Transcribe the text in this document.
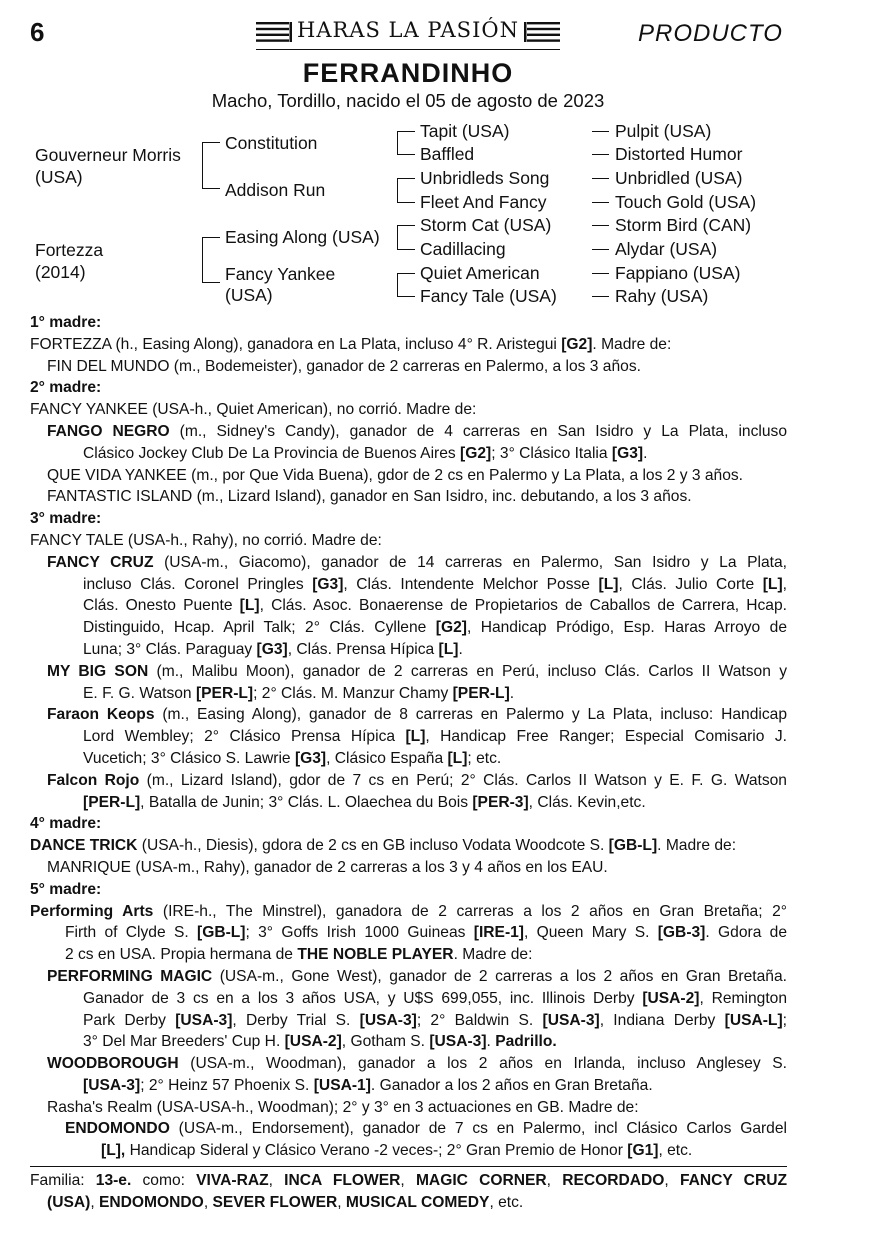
6	HARAS LA PASIÓN	PRODUCTO
FERRANDINHO
Macho, Tordillo, nacido el 05 de agosto de 2023
Gouverneur Morris
(USA)
Fortezza
(2014)
Constitution
Addison Run
Easing Along (USA)
Fancy Yankee
(USA)
Tapit (USA)
Baffled
Unbridleds Song
Fleet And Fancy
Storm Cat (USA)
Cadillacing
Quiet American
Fancy Tale (USA)
Pulpit (USA)
Distorted Humor
Unbridled (USA)
Touch Gold (USA)
Storm Bird (CAN)
Alydar (USA)
Fappiano (USA)
Rahy (USA)
1° madre:
FORTEZZA (h., Easing Along), ganadora en La Plata, incluso 4° R. Aristegui [G2]. Madre de:
FIN DEL MUNDO (m., Bodemeister), ganador de 2 carreras en Palermo, a los 3 años.
2° madre:
FANCY YANKEE (USA-h., Quiet American), no corrió. Madre de:
FANGO NEGRO (m., Sidney's Candy), ganador de 4 carreras en San Isidro y La Plata, incluso
Clásico Jockey Club De La Provincia de Buenos Aires [G2]; 3° Clásico Italia [G3].
QUE VIDA YANKEE (m., por Que Vida Buena), gdor de 2 cs en Palermo y La Plata, a los 2 y 3 años.
FANTASTIC ISLAND (m., Lizard Island), ganador en San Isidro, inc. debutando, a los 3 años.
3° madre:
FANCY TALE (USA-h., Rahy), no corrió. Madre de:
FANCY CRUZ (USA-m., Giacomo), ganador de 14 carreras en Palermo, San Isidro y La Plata,
incluso Clás. Coronel Pringles [G3], Clás. Intendente Melchor Posse [L], Clás. Julio Corte [L],
Clás. Onesto Puente [L], Clás. Asoc. Bonaerense de Propietarios de Caballos de Carrera, Hcap.
Distinguido, Hcap. April Talk; 2° Clás. Cyllene [G2], Handicap Pródigo, Esp. Haras Arroyo de
Luna; 3° Clás. Paraguay [G3], Clás. Prensa Hípica [L].
MY BIG SON (m., Malibu Moon), ganador de 2 carreras en Perú, incluso Clás. Carlos II Watson y
E. F. G. Watson [PER-L]; 2° Clás. M. Manzur Chamy [PER-L].
Faraon Keops (m., Easing Along), ganador de 8 carreras en Palermo y La Plata, incluso: Handicap
Lord Wembley; 2° Clásico Prensa Hípica [L], Handicap Free Ranger; Especial Comisario J.
Vucetich; 3° Clásico S. Lawrie [G3], Clásico España [L]; etc.
Falcon Rojo (m., Lizard Island), gdor de 7 cs en Perú; 2° Clás. Carlos II Watson y E. F. G. Watson
[PER-L], Batalla de Junin; 3° Clás. L. Olaechea du Bois [PER-3], Clás. Kevin,etc.
4° madre:
DANCE TRICK (USA-h., Diesis), gdora de 2 cs en GB incluso Vodata Woodcote S. [GB-L]. Madre de:
MANRIQUE (USA-m., Rahy), ganador de 2 carreras a los 3 y 4 años en los EAU.
5° madre:
Performing Arts (IRE-h., The Minstrel), ganadora de 2 carreras a los 2 años en Gran Bretaña; 2°
Firth of Clyde S. [GB-L]; 3° Goffs Irish 1000 Guineas [IRE-1], Queen Mary S. [GB-3]. Gdora de
2 cs en USA. Propia hermana de THE NOBLE PLAYER. Madre de:
PERFORMING MAGIC (USA-m., Gone West), ganador de 2 carreras a los 2 años en Gran Bretaña.
Ganador de 3 cs en a los 3 años USA, y U$S 699,055, inc. Illinois Derby [USA-2], Remington
Park Derby [USA-3], Derby Trial S. [USA-3]; 2° Baldwin S. [USA-3], Indiana Derby [USA-L];
3° Del Mar Breeders' Cup H. [USA-2], Gotham S. [USA-3]. Padrillo.
WOODBOROUGH (USA-m., Woodman), ganador a los 2 años en Irlanda, incluso Anglesey S.
[USA-3]; 2° Heinz 57 Phoenix S. [USA-1]. Ganador a los 2 años en Gran Bretaña.
Rasha's Realm (USA-USA-h., Woodman); 2° y 3° en 3 actuaciones en GB. Madre de:
ENDOMONDO (USA-m., Endorsement), ganador de 7 cs en Palermo, incl Clásico Carlos Gardel
[L], Handicap Sideral y Clásico Verano -2 veces-; 2° Gran Premio de Honor [G1], etc.
Familia: 13-e. como: VIVA-RAZ, INCA FLOWER, MAGIC CORNER, RECORDADO, FANCY CRUZ
(USA), ENDOMONDO, SEVER FLOWER, MUSICAL COMEDY, etc.
